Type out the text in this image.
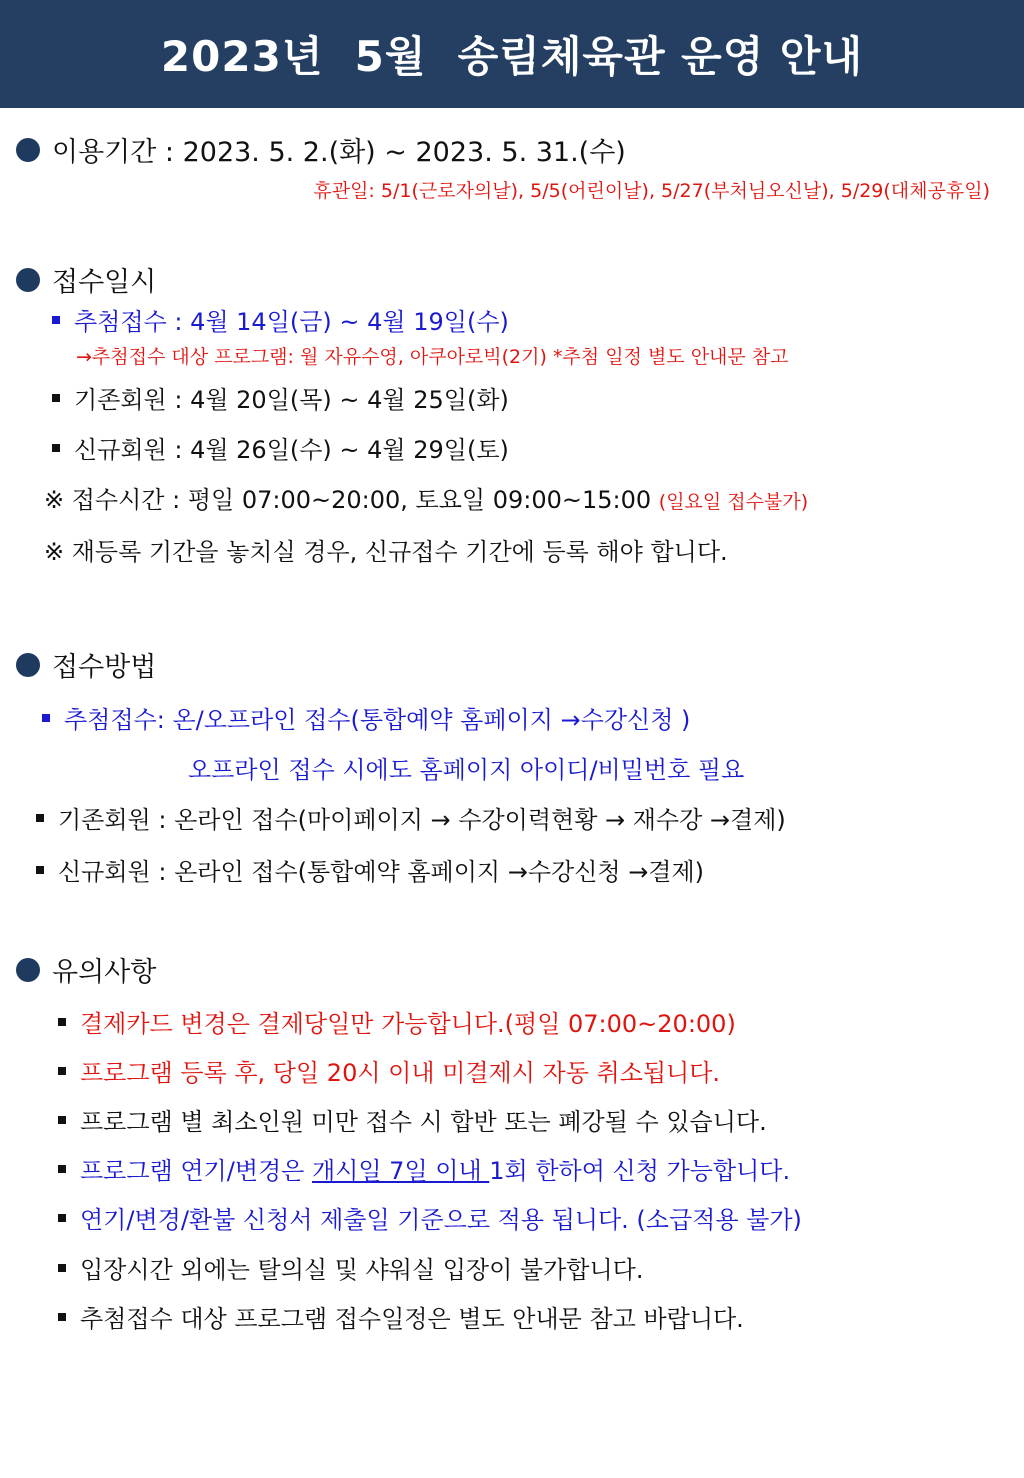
2023년  5월  송림체육관 운영 안내
이용기간 : 2023. 5. 2.(화) ~ 2023. 5. 31.(수)
휴관일: 5/1(근로자의날), 5/5(어린이날), 5/27(부처님오신날), 5/29(대체공휴일)
접수일시
추첨접수 : 4월 14일(금) ~ 4월 19일(수)
→추첨접수 대상 프로그램: 월 자유수영, 아쿠아로빅(2기) *추첨 일정 별도 안내문 참고
기존회원 : 4월 20일(목) ~ 4월 25일(화)
신규회원 : 4월 26일(수) ~ 4월 29일(토)
※ 접수시간 : 평일 07:00~20:00, 토요일 09:00~15:00 (일요일 접수불가)
※ 재등록 기간을 놓치실 경우, 신규접수 기간에 등록 해야 합니다.
접수방법
추첨접수: 온/오프라인 접수(통합예약 홈페이지 →수강신청 )
오프라인 접수 시에도 홈페이지 아이디/비밀번호 필요
기존회원 : 온라인 접수(마이페이지 → 수강이력현황 → 재수강 →결제)
신규회원 : 온라인 접수(통합예약 홈페이지 →수강신청 →결제)
유의사항
결제카드 변경은 결제당일만 가능합니다.(평일 07:00~20:00)
프로그램 등록 후, 당일 20시 이내 미결제시 자동 취소됩니다.
프로그램 별 최소인원 미만 접수 시 합반 또는 폐강될 수 있습니다.
프로그램 연기/변경은 개시일 7일 이내 1회 한하여 신청 가능합니다.
연기/변경/환불 신청서 제출일 기준으로 적용 됩니다. (소급적용 불가)
입장시간 외에는 탈의실 및 샤워실 입장이 불가합니다.
추첨접수 대상 프로그램 접수일정은 별도 안내문 참고 바랍니다.
